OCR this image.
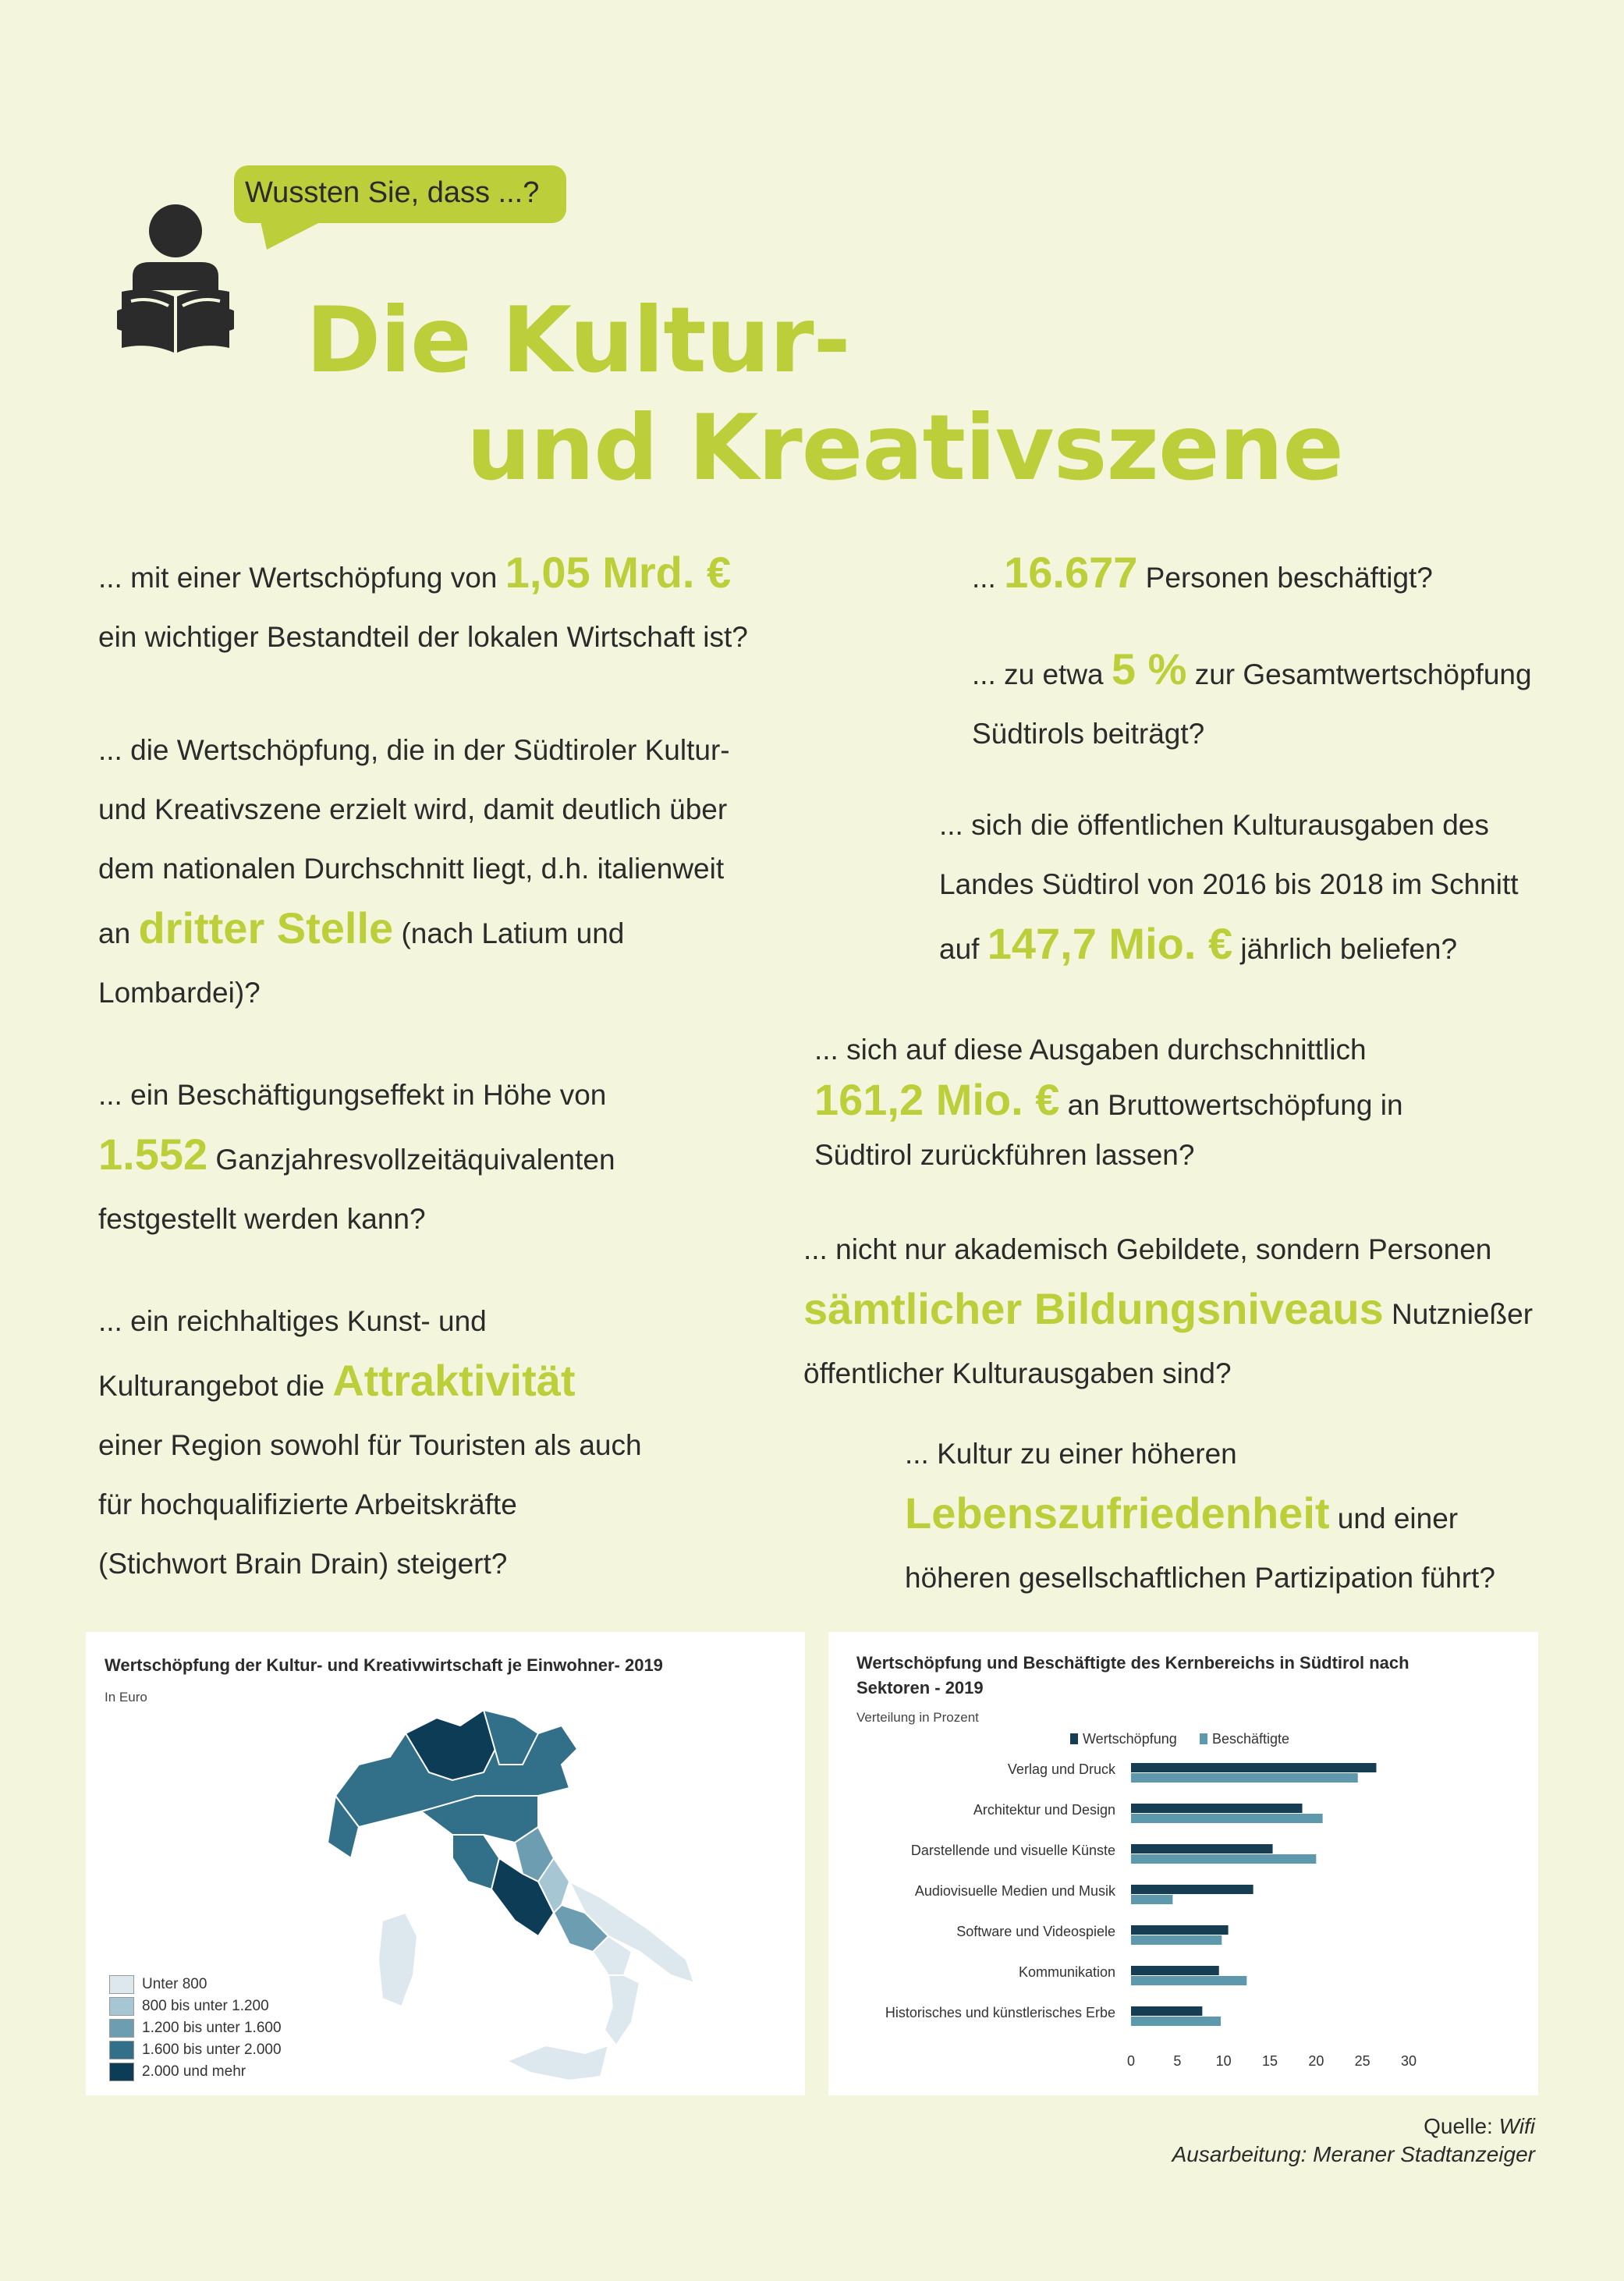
Wussten Sie, dass ...?
Die Kultur-
und Kreativszene
... mit einer Wertschöpfung von 1,05 Mrd. €
ein wichtiger Bestandteil der lokalen Wirtschaft ist?
... die Wertschöpfung, die in der Südtiroler Kultur-
und Kreativszene erzielt wird, damit deutlich über
dem nationalen Durchschnitt liegt, d.h. italienweit
an dritter Stelle (nach Latium und
Lombardei)?
... ein Beschäftigungseffekt in Höhe von
1.552 Ganzjahresvollzeitäquivalenten
festgestellt werden kann?
... ein reichhaltiges Kunst- und
Kulturangebot die Attraktivität
einer Region sowohl für Touristen als auch
für hochqualifizierte Arbeitskräfte
(Stichwort Brain Drain) steigert?
... 16.677 Personen beschäftigt?
... zu etwa 5 % zur Gesamtwertschöpfung
Südtirols beiträgt?
... sich die öffentlichen Kulturausgaben des
Landes Südtirol von 2016 bis 2018 im Schnitt
auf 147,7 Mio. € jährlich beliefen?
... sich auf diese Ausgaben durchschnittlich
161,2 Mio. € an Bruttowertschöpfung in
Südtirol zurückführen lassen?
... nicht nur akademisch Gebildete, sondern Personen
sämtlicher Bildungsniveaus Nutznießer
öffentlicher Kulturausgaben sind?
... Kultur zu einer höheren
Lebenszufriedenheit und einer
höheren gesellschaftlichen Partizipation führt?
Wertschöpfung der Kultur- und Kreativwirtschaft je Einwohner- 2019
In Euro
Unter 800
800 bis unter 1.200
1.200 bis unter 1.600
1.600 bis unter 2.000
2.000 und mehr
Wertschöpfung und Beschäftigte des Kernbereichs in Südtirol nach Sektoren - 2019
Verteilung in Prozent
Wertschöpfung	Beschäftigte
Verlag und Druck
Architektur und Design
Darstellende und visuelle Künste
Audiovisuelle Medien und Musik
Software und Videospiele
Kommunikation
Historisches und künstlerisches Erbe
0	5 10 15 20 25 30
Quelle: Wifi
Ausarbeitung: Meraner Stadtanzeiger
